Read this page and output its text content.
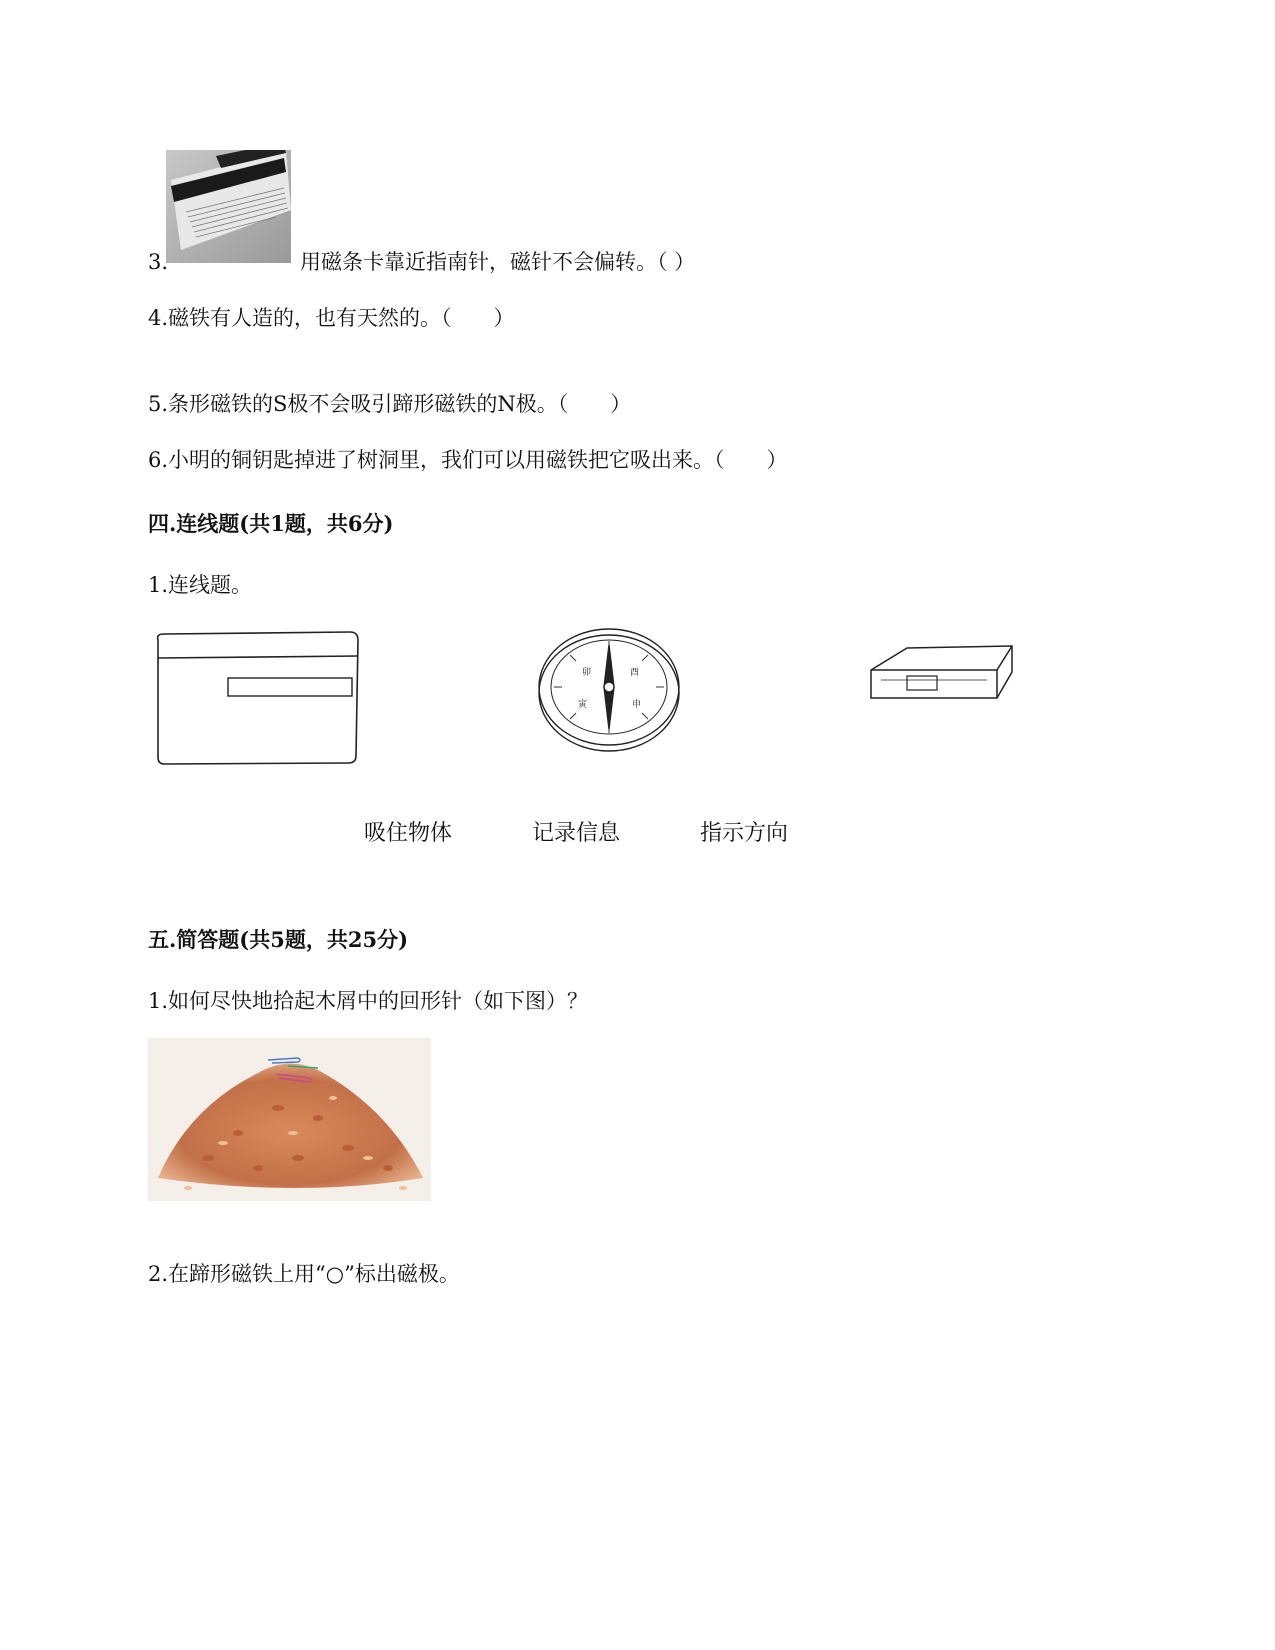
3.	用磁条卡靠近指南针，磁针不会偏转。（ ）
4.磁铁有人造的，也有天然的。（　　）
5.条形磁铁的S极不会吸引蹄形磁铁的N极。（　　）
6.小明的铜钥匙掉进了树洞里，我们可以用磁铁把它吸出来。（　　）
四.连线题(共1题，共6分)
1.连线题。
卯	酉
寅	申
吸住物体	记录信息	指示方向
五.简答题(共5题，共25分)
1.如何尽快地拾起木屑中的回形针（如下图）？
2.在蹄形磁铁上用“○”标出磁极。
